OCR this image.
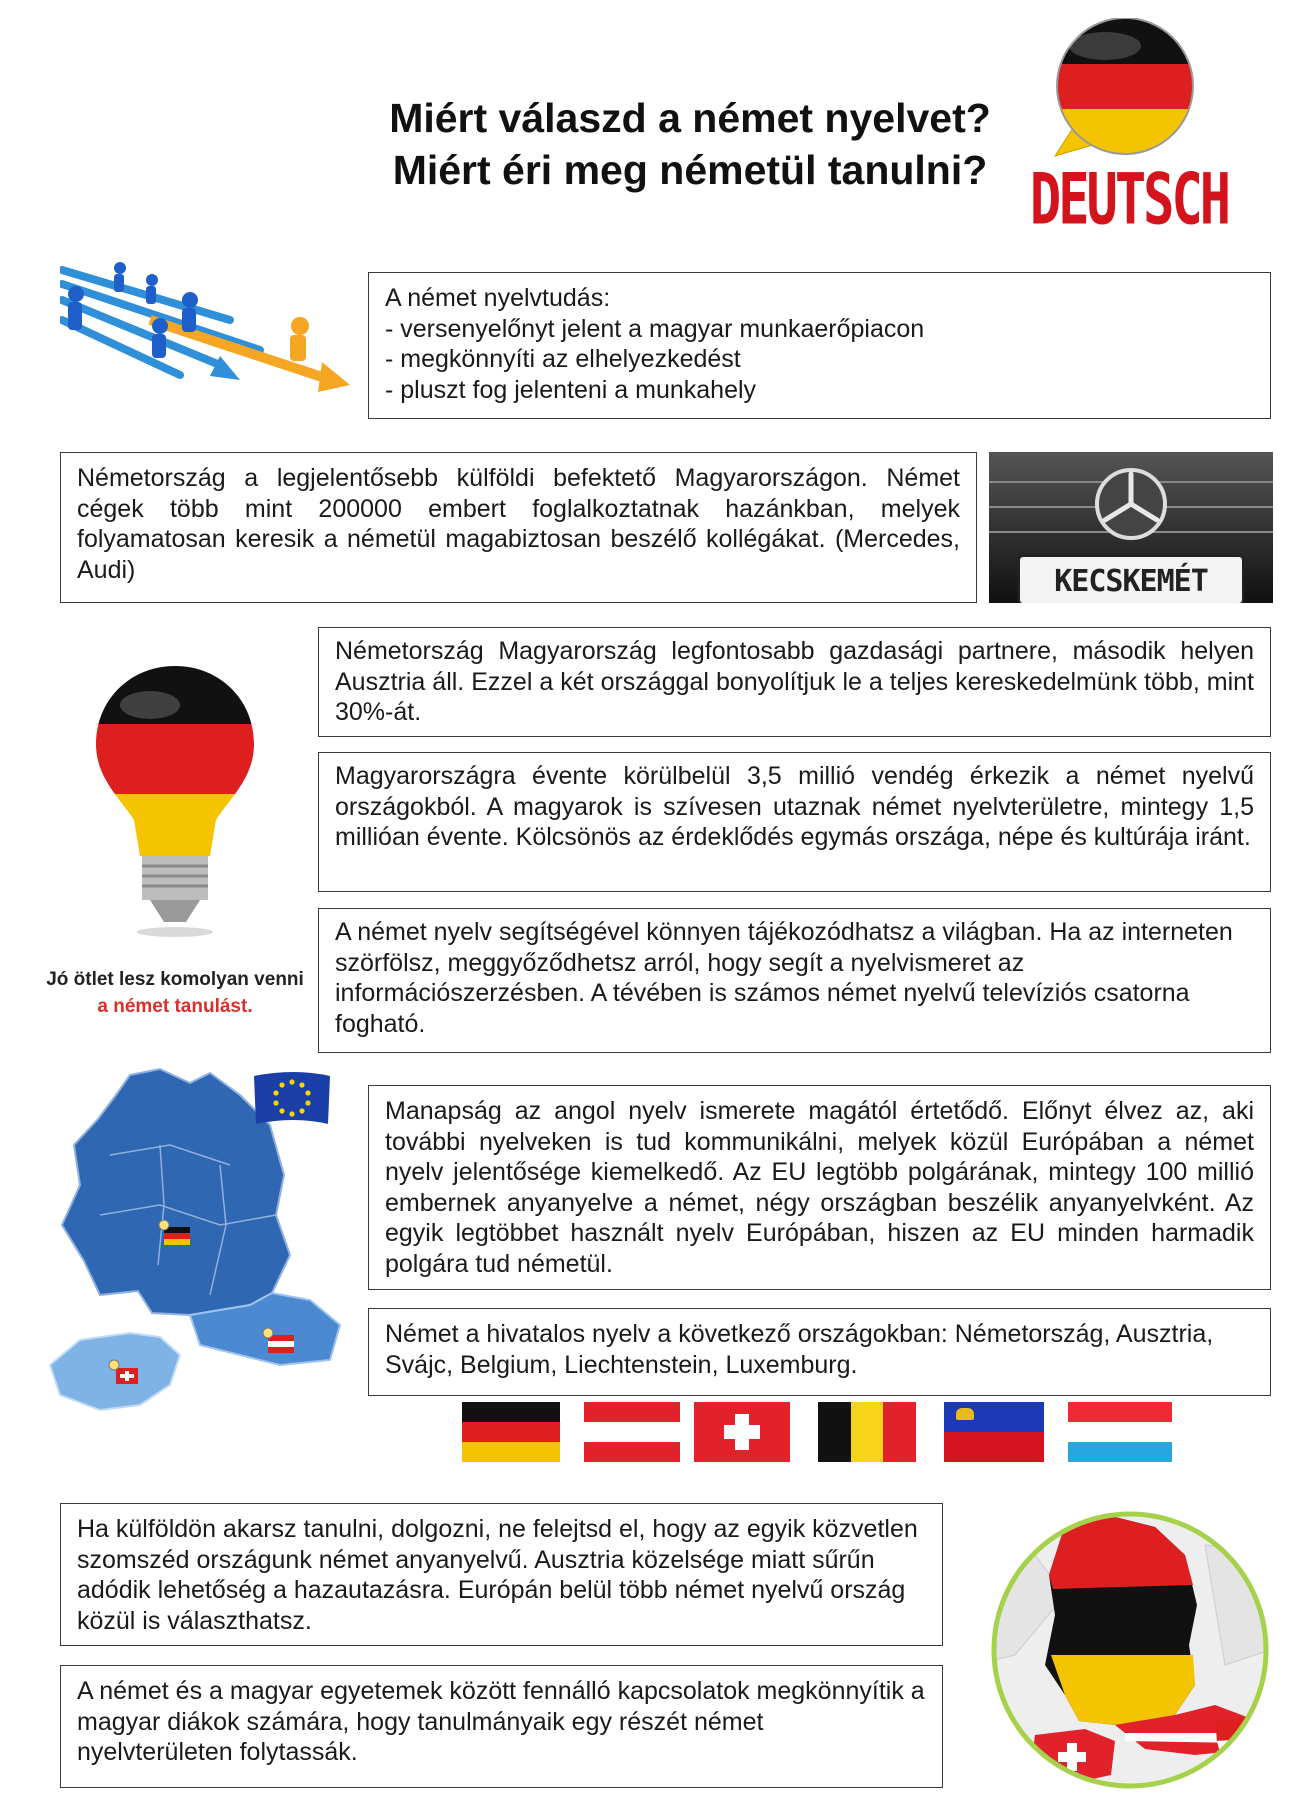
Miért válaszd a német nyelvet?
Miért éri meg németül tanulni? DEUTSCH

A német nyelvtudás:

- versenyelőnyt jelent a magyar munkaerőpiacon

- megkönnyíti az elhelyezkedést

- pluszt fog jelenteni a munkahely

Németország a legjelentősebb külföldi befektető Magyarországon. Német cégek több mint 200000 embert foglalkoztatnak hazánkban, melyek folyamatosan keresik a németül magabiztosan beszélő kollégákat. (Mercedes, Audi)	KECSKEMÉT
Jó ötlet lesz komolyan venni
a német tanulást.

Németország Magyarország legfontosabb gazdasági partnere, második helyen Ausztria áll. Ezzel a két országgal bonyolítjuk le a teljes kereskedelmünk több, mint 30%-át.

Magyarországra évente körülbelül 3,5 millió vendég érkezik a német nyelvű országokból. A magyarok is szívesen utaznak német nyelvterületre, mintegy 1,5 millióan évente. Kölcsönös az érdeklődés egymás országa, népe és kultúrája iránt.

A német nyelv segítségével könnyen tájékozódhatsz a világban. Ha az interneten szörfölsz, meggyőződhetsz arról, hogy segít a nyelvismeret az információszerzésben. A tévében is számos német nyelvű televíziós csatorna fogható.

Manapság az angol nyelv ismerete magától értetődő. Előnyt élvez az, aki további nyelveken is tud kommunikálni, melyek közül Európában a német nyelv jelentősége kiemelkedő. Az EU legtöbb polgárának, mintegy 100 millió embernek anyanyelve a német, négy országban beszélik anyanyelvként. Az egyik legtöbbet használt nyelv Európában, hiszen az EU minden harmadik polgára tud németül.

Német a hivatalos nyelv a következő országokban: Németország, Ausztria, Svájc, Belgium, Liechtenstein, Luxemburg.

Ha külföldön akarsz tanulni, dolgozni, ne felejtsd el, hogy az egyik közvetlen szomszéd országunk német anyanyelvű. Ausztria közelsége miatt sűrűn adódik lehetőség a hazautazásra. Európán belül több német nyelvű ország közül is választhatsz.

A német és a magyar egyetemek között fennálló kapcsolatok megkönnyítik a magyar diákok számára, hogy tanulmányaik egy részét német nyelvterületen folytassák.
